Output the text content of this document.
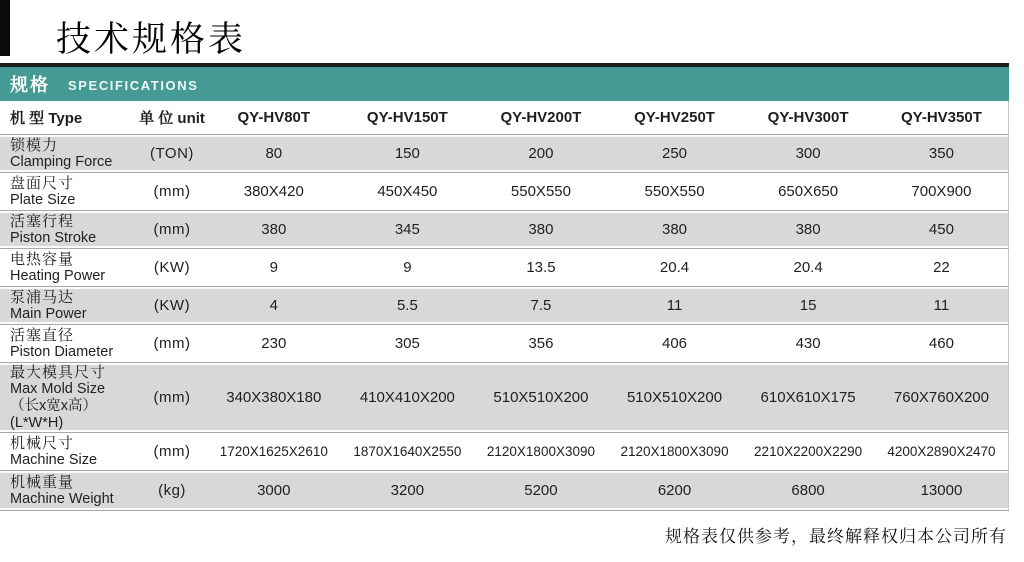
技术规格表
规格 SPECIFICATIONS
机 型 Type	单 位 unit	QY-HV80T	QY-HV150T	QY-HV200T	QY-HV250T	QY-HV300T	QY-HV350T

锁模力
Clamping Force	(TON)	80	150	200	250	300	350

盘面尺寸
Plate Size	(mm)	380X420	450X450	550X550	550X550	650X650	700X900

活塞行程
Piston Stroke	(mm)	380	345	380	380	380	450

电热容量
Heating Power	(KW)	9	9	13.5	20.4	20.4	22

泵浦马达
Main Power	(KW)	4	5.5	7.5	11	15	11

活塞直径
Piston Diameter	(mm)	230	305	356	406	430	460

最大模具尺寸
Max Mold Size
（长x宽x高）
(L*W*H)	(mm)	340X380X180	410X410X200	510X510X200	510X510X200	610X610X175	760X760X200

机械尺寸
Machine Size	(mm)	1720X1625X2610	1870X1640X2550	2120X1800X3090	2120X1800X3090	2210X2200X2290	4200X2890X2470

机械重量
Machine Weight	(kg)	3000	3200	5200	6200	6800	13000
规格表仅供参考，最终解释权归本公司所有
